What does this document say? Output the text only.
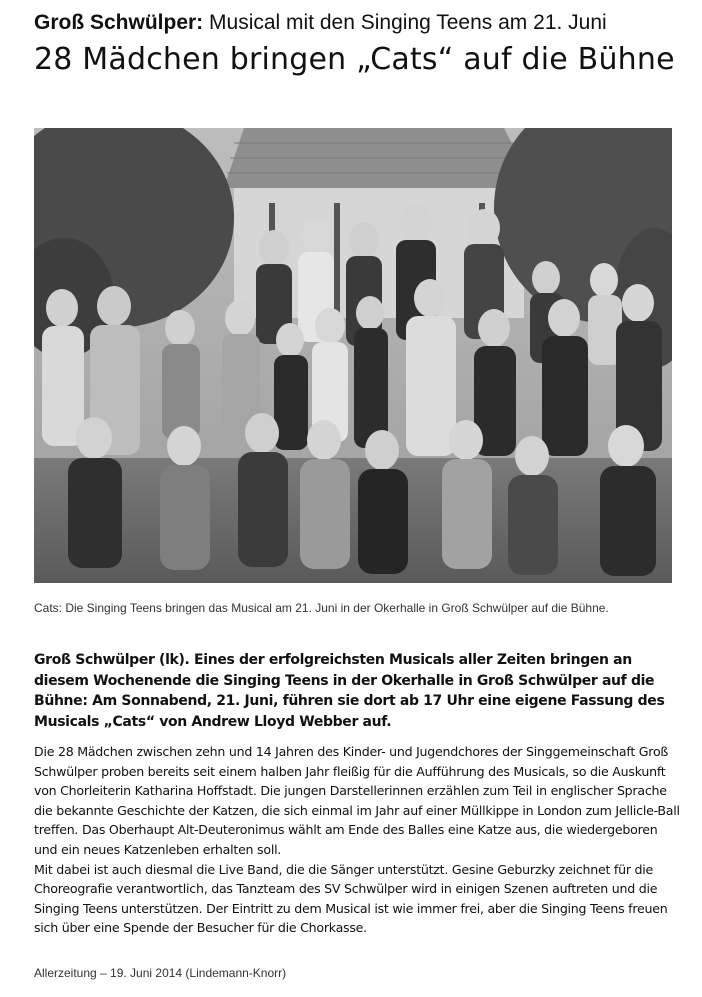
Groß Schwülper: Musical mit den Singing Teens am 21. Juni
28 Mädchen bringen „Cats“ auf die Bühne
Cats: Die Singing Teens bringen das Musical am 21. Juni in der Okerhalle in Groß Schwülper auf die Bühne.
Groß Schwülper (lk). Eines der erfolgreichsten Musicals aller Zeiten bringen an diesem Wochenende die Singing Teens in der Okerhalle in Groß Schwülper auf die Bühne: Am Sonnabend, 21. Juni, führen sie dort ab 17 Uhr eine eigene Fassung des Musicals „Cats“ von Andrew Lloyd Webber auf.

Die 28 Mädchen zwischen zehn und 14 Jahren des Kinder- und Jugendchores der Singgemeinschaft Groß Schwülper proben bereits seit einem halben Jahr fleißig für die Aufführung des Musicals, so die Auskunft von Chorleiterin Katharina Hoffstadt. Die jungen Darstellerinnen erzählen zum Teil in englischer Sprache die bekannte Geschichte der Katzen, die sich einmal im Jahr auf einer Müllkippe in London zum Jellicle-Ball treffen. Das Oberhaupt Alt-Deuteronimus wählt am Ende des Balles eine Katze aus, die wiedergeboren und ein neues Katzenleben erhalten soll.

Mit dabei ist auch diesmal die Live Band, die die Sänger unterstützt. Gesine Geburzky zeichnet für die Choreografie verantwortlich, das Tanzteam des SV Schwülper wird in einigen Szenen auftreten und die Singing Teens unterstützen. Der Eintritt zu dem Musical ist wie immer frei, aber die Singing Teens freuen sich über eine Spende der Besucher für die Chorkasse.

Allerzeitung – 19. Juni 2014 (Lindemann-Knorr)
